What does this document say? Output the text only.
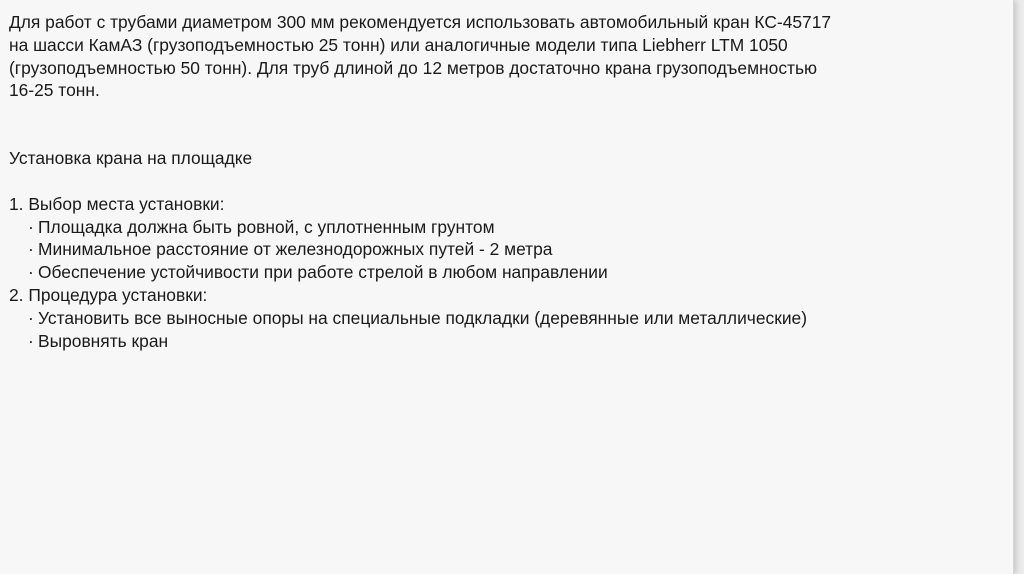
Для работ с трубами диаметром 300 мм рекомендуется использовать автомобильный кран КС-45717

на шасси КамАЗ (грузоподъемностью 25 тонн) или аналогичные модели типа Liebherr LTM 1050

(грузоподъемностью 50 тонн). Для труб длиной до 12 метров достаточно крана грузоподъемностью

16-25 тонн.

Установка крана на площадке

1. Выбор места установки:

· Площадка должна быть ровной, с уплотненным грунтом

· Минимальное расстояние от железнодорожных путей - 2 метра

· Обеспечение устойчивости при работе стрелой в любом направлении

2. Процедура установки:

· Установить все выносные опоры на специальные подкладки (деревянные или металлические)

· Выровнять кран
